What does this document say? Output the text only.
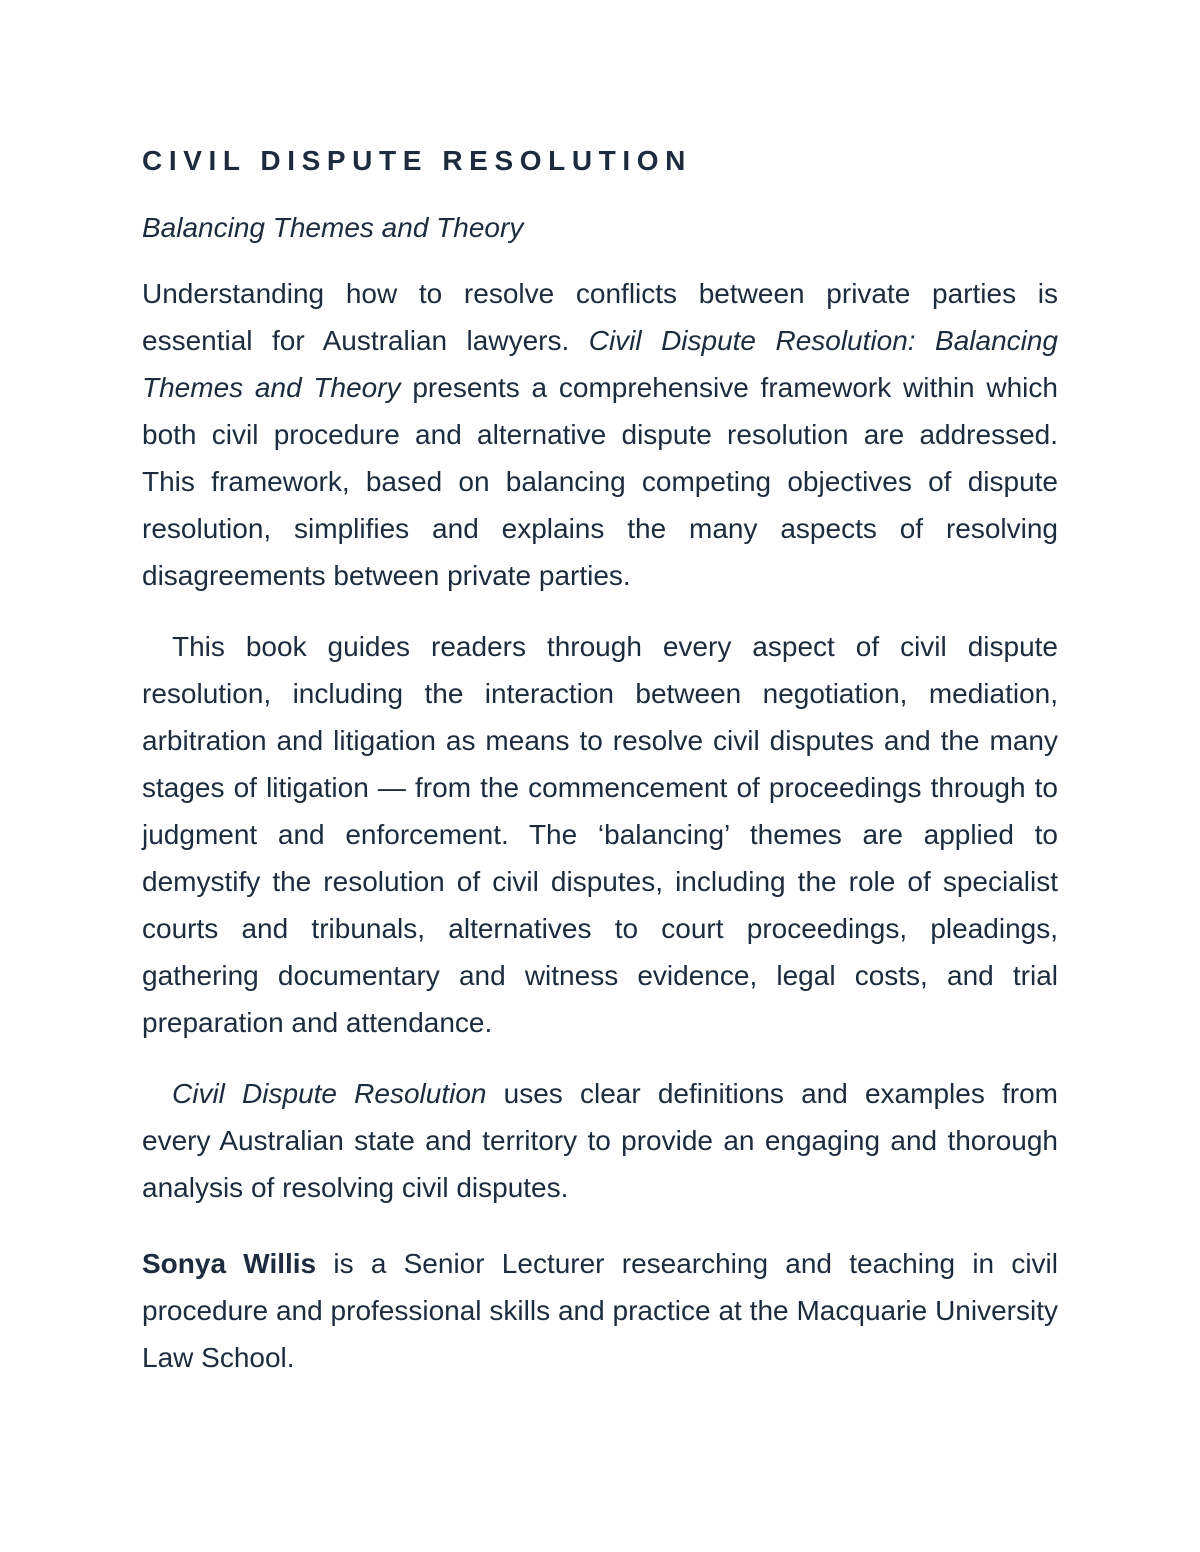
CIVIL DISPUTE RESOLUTION

Balancing Themes and Theory

Understanding how to resolve conflicts between private parties is essential for Australian lawyers. Civil Dispute Resolution: Balancing Themes and Theory presents a comprehensive framework within which both civil procedure and alternative dispute resolution are addressed. This framework, based on balancing competing objectives of dispute resolution, simplifies and explains the many aspects of resolving disagreements between private parties.

This book guides readers through every aspect of civil dispute resolution, including the interaction between negotiation, mediation, arbitration and litigation as means to resolve civil disputes and the many stages of litigation — from the commencement of proceedings through to judgment and enforcement. The ‘balancing’ themes are applied to demystify the resolution of civil disputes, including the role of specialist courts and tribunals, alternatives to court proceedings, pleadings, gathering documentary and witness evidence, legal costs, and trial preparation and attendance.

Civil Dispute Resolution uses clear definitions and examples from every Australian state and territory to provide an engaging and thorough analysis of resolving civil disputes.

Sonya Willis is a Senior Lecturer researching and teaching in civil procedure and professional skills and practice at the Macquarie University Law School.
